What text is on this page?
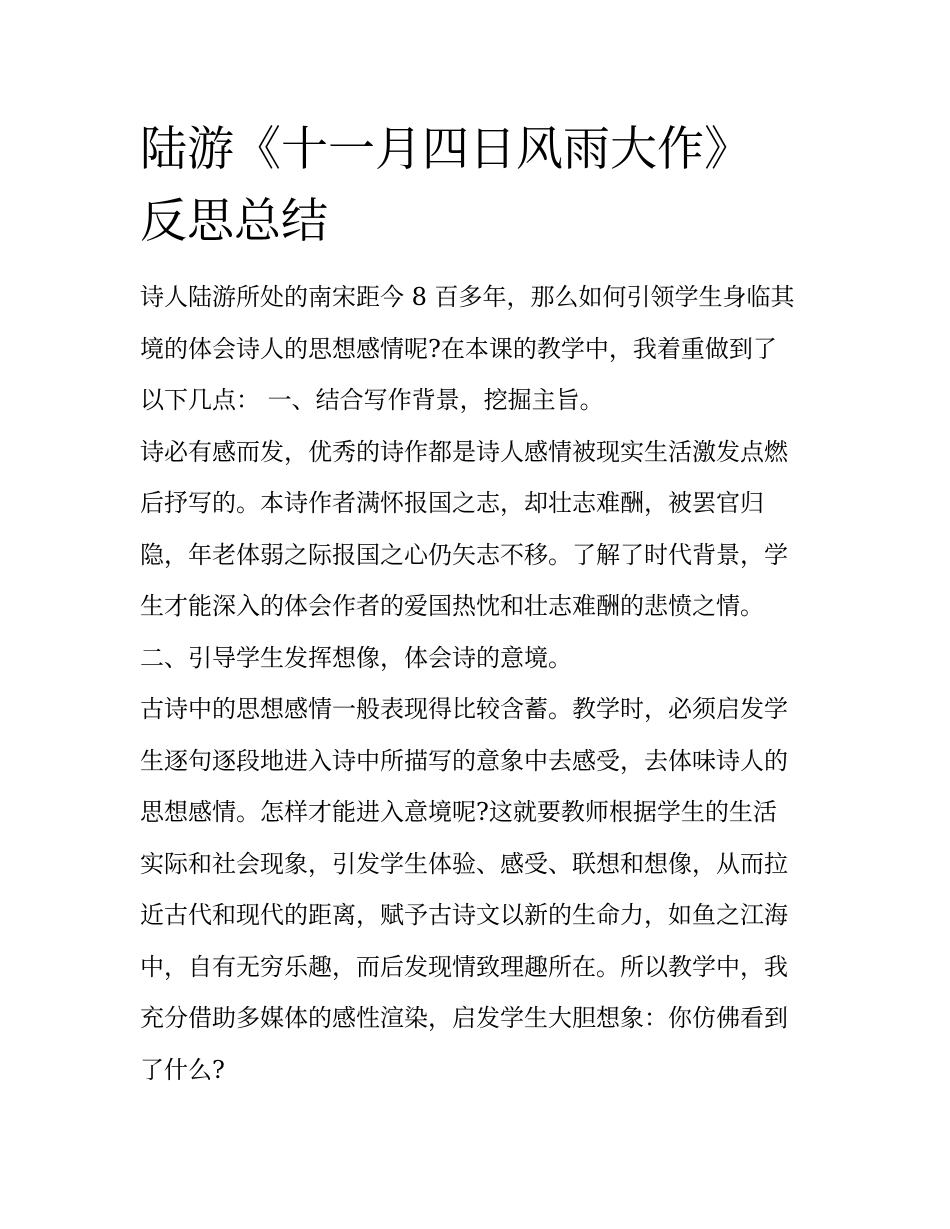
陆游《十一月四日风雨大作》
反思总结

诗人陆游所处的南宋距今 8 百多年，那么如何引领学生身临其
境的体会诗人的思想感情呢?在本课的教学中，我着重做到了
以下几点： 一、结合写作背景，挖掘主旨。

诗必有感而发，优秀的诗作都是诗人感情被现实生活激发点燃
后抒写的。本诗作者满怀报国之志，却壮志难酬，被罢官归
隐，年老体弱之际报国之心仍矢志不移。了解了时代背景，学
生才能深入的体会作者的爱国热忱和壮志难酬的悲愤之情。

二、引导学生发挥想像，体会诗的意境。

古诗中的思想感情一般表现得比较含蓄。教学时，必须启发学
生逐句逐段地进入诗中所描写的意象中去感受，去体味诗人的
思想感情。怎样才能进入意境呢?这就要教师根据学生的生活
实际和社会现象，引发学生体验、感受、联想和想像，从而拉
近古代和现代的距离，赋予古诗文以新的生命力，如鱼之江海
中，自有无穷乐趣，而后发现情致理趣所在。所以教学中，我
充分借助多媒体的感性渲染，启发学生大胆想象：你仿佛看到
了什么?
